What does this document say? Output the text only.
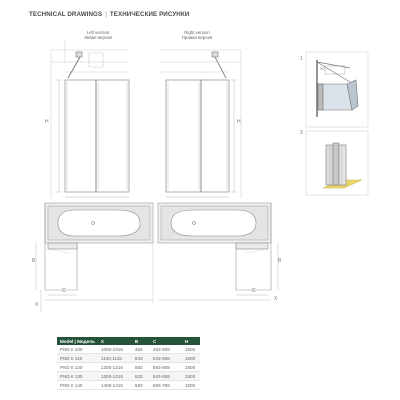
TECHNICAL DRAWINGS | ТЕХНИЧЕСКИЕ РИСУНКИ
Left version
Левая версия
Right version
Правая версия
H	H
B
X
C
B
C
X
20
1
2
Model | Модель	X	B	C	H
PND II 100	1000-1015	483	493-508	1500
PND II 110	1100-1115	533	543-558	1500
PND II 120	1200-1215	583	593-608	1500
PND II 130	1300-1315	633	643-658	1500
PND II 140	1400-1415	683	693-708	1500
